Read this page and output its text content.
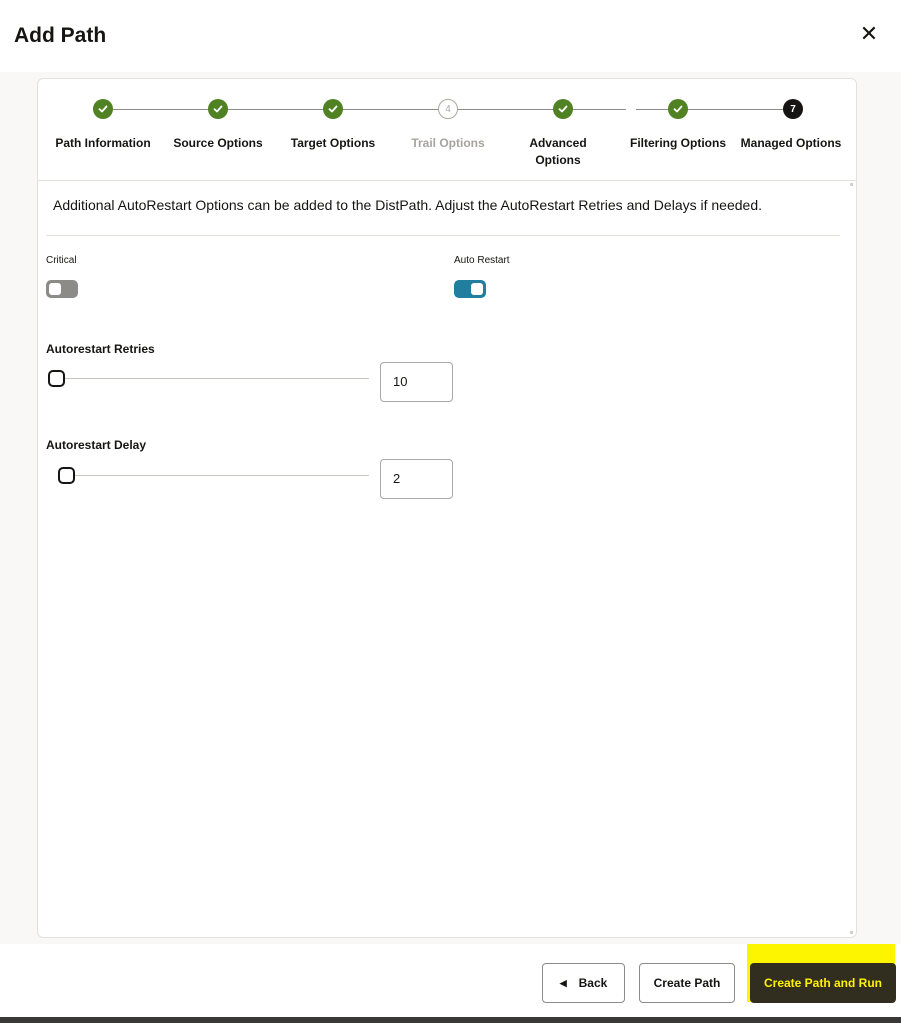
Add Path	✕
4	7
Path Information	Source Options	Target Options	Trail Options	Advanced Options
Filtering Options	Managed Options
Additional AutoRestart Options can be added to the DistPath. Adjust the AutoRestart Retries and Delays if needed.
Critical	Auto Restart
Autorestart Retries
10
Autorestart Delay
2
◀ Back	Create Path	Create Path and Run
